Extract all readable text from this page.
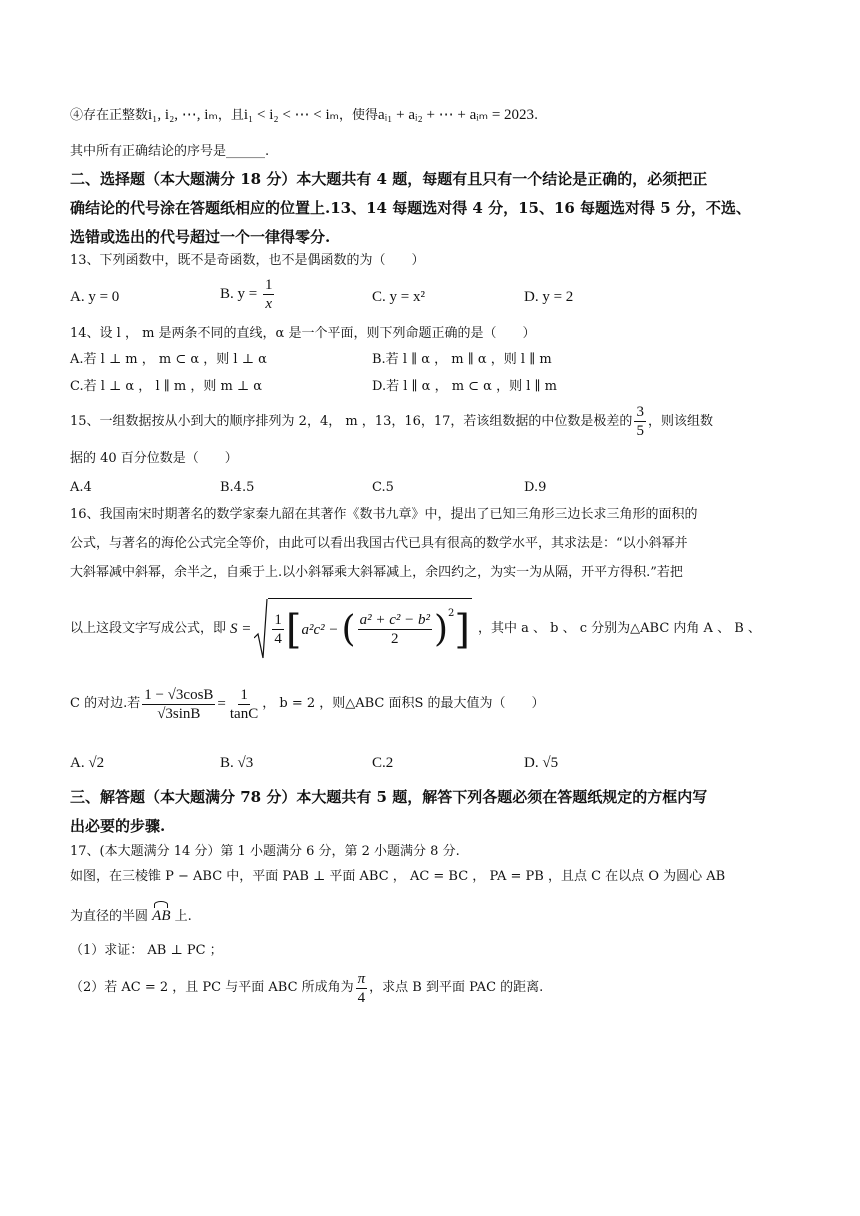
④存在正整数i₁, i₂, ⋯, iₘ，且i₁ < i₂ < ⋯ < iₘ，使得aᵢ₁ + aᵢ₂ + ⋯ + aᵢₘ = 2023.
其中所有正确结论的序号是______.
二、选择题（本大题满分 18 分）本大题共有 4 题，每题有且只有一个结论是正确的，必须把正
确结论的代号涂在答题纸相应的位置上.13、14 每题选对得 4 分，15、16 每题选对得 5 分，不选、
选错或选出的代号超过一个一律得零分.
13、下列函数中，既不是奇函数，也不是偶函数的为（　　）
A. y = 0	B. $y = \frac{1}{x}$	C. y = x²	D. y = 2
14、设 l ， m 是两条不同的直线，α 是一个平面，则下列命题正确的是（　　）
A.若 l ⊥ m ， m ⊂ α ，则 l ⊥ α	B.若 l ∥ α ， m ∥ α ，则 l ∥ m
C.若 l ⊥ α ， l ∥ m ，则 m ⊥ α	D.若 l ∥ α ， m ⊂ α ，则 l ∥ m
15、一组数据按从小到大的顺序排列为 2，4， m ，13，16，17，若该组数据的中位数是极差的 $\frac{3}{5}$ ，则该组数
据的 40 百分位数是（　　）
A.4	B.4.5	C.5	D.9
16、我国南宋时期著名的数学家秦九韶在其著作《数书九章》中，提出了已知三角形三边长求三角形的面积的
公式，与著名的海伦公式完全等价，由此可以看出我国古代已具有很高的数学水平，其求法是：“以小斜幂并
大斜幂减中斜幂，余半之，自乘于上.以小斜幂乘大斜幂减上，余四约之，为实一为从隔，开平方得积.”若把
以上这段文字写成公式，即 $S = \frac{1}{4}$ [ a²c² − ( $\frac{\text{a² + c² − b²}}{2} )^2$ ] ，其中 a 、 b 、 c 分别为△ABC 内角 A 、 B 、
C 的对边.若 $\frac{1 - √3\cos B}{√3\sin B} = \frac{1}{\tan C}$ ， b = 2 ，则△ABC 面积S 的最大值为（　　）
A. √2	B. √3	C.2	D. √5
三、解答题（本大题满分 78 分）本大题共有 5 题，解答下列各题必须在答题纸规定的方框内写
出必要的步骤.
17、(本大题满分 14 分）第 1 小题满分 6 分，第 2 小题满分 8 分.
如图，在三棱锥 P − ABC 中，平面 PAB ⊥ 平面 ABC ， AC = BC ， PA = PB ，且点 C 在以点 O 为圆心 AB
为直径的半圆 AB 上.
（1）求证： AB ⊥ PC ；
（2）若 AC = 2 ，且 PC 与平面 ABC 所成角为 $\frac{\pi}{4}$ ，求点 B 到平面 PAC 的距离.
